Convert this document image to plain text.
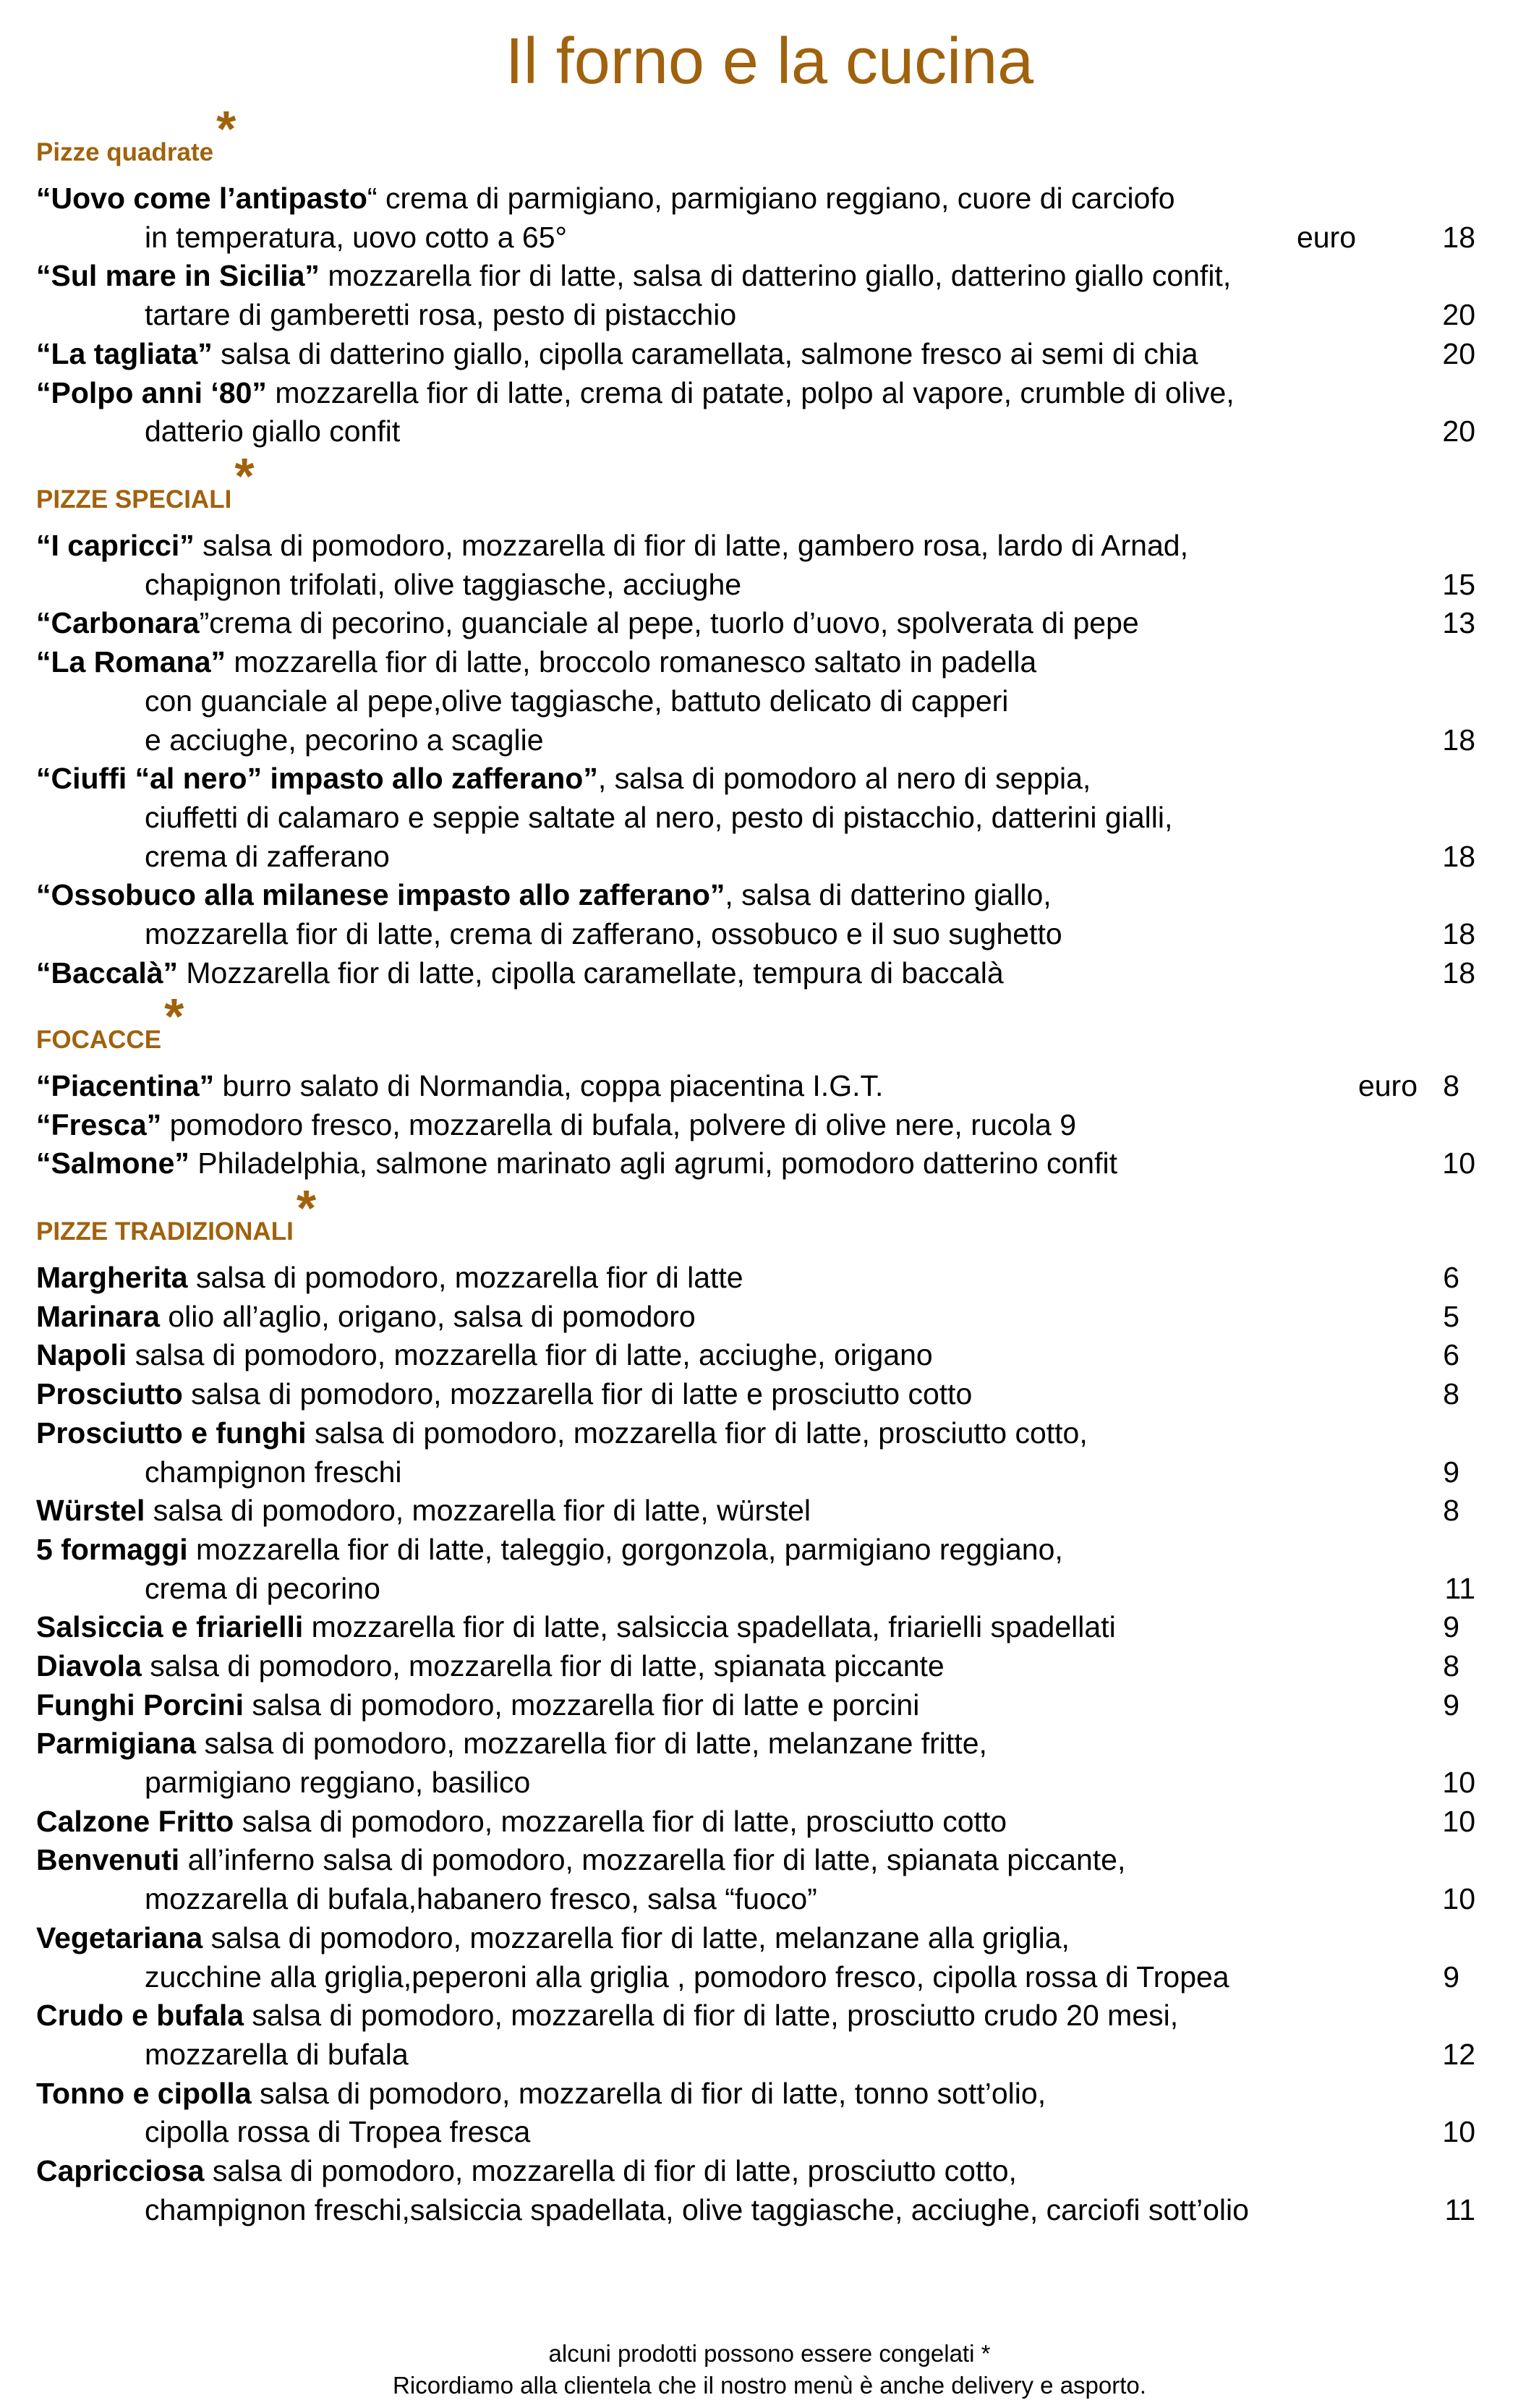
Il forno e la cucina
Pizze quadrate*
“Uovo come l’antipasto“ crema di parmigiano, parmigiano reggiano, cuore di carciofo
in temperatura, uovo cotto a 65°	euro	18
“Sul mare in Sicilia” mozzarella fior di latte, salsa di datterino giallo, datterino giallo confit,
tartare di gamberetti rosa, pesto di pistacchio	20
“La tagliata” salsa di datterino giallo, cipolla caramellata, salmone fresco ai semi di chia	20
“Polpo anni ‘80” mozzarella fior di latte, crema di patate, polpo al vapore, crumble di olive,
datterio giallo confit	20
PIZZE SPECIALI*
“I capricci” salsa di pomodoro, mozzarella di fior di latte, gambero rosa, lardo di Arnad,
chapignon trifolati, olive taggiasche, acciughe	15
“Carbonara”crema di pecorino, guanciale al pepe, tuorlo d’uovo, spolverata di pepe	13
“La Romana” mozzarella fior di latte, broccolo romanesco saltato in padella
con guanciale al pepe,olive taggiasche, battuto delicato di capperi
e acciughe, pecorino a scaglie	18
“Ciuffi “al nero” impasto allo zafferano”, salsa di pomodoro al nero di seppia,
ciuffetti di calamaro e seppie saltate al nero, pesto di pistacchio, datterini gialli,
crema di zafferano	18
“Ossobuco alla milanese impasto allo zafferano”, salsa di datterino giallo,
mozzarella fior di latte, crema di zafferano, ossobuco e il suo sughetto	18
“Baccalà” Mozzarella fior di latte, cipolla caramellate, tempura di baccalà	18
FOCACCE*
“Piacentina” burro salato di Normandia, coppa piacentina I.G.T.	euro 8
“Fresca” pomodoro fresco, mozzarella di bufala, polvere di olive nere, rucola 9
“Salmone” Philadelphia, salmone marinato agli agrumi, pomodoro datterino confit	10
PIZZE TRADIZIONALI*
Margherita salsa di pomodoro, mozzarella fior di latte	6
Marinara olio all’aglio, origano, salsa di pomodoro	5
Napoli salsa di pomodoro, mozzarella fior di latte, acciughe, origano	6
Prosciutto salsa di pomodoro, mozzarella fior di latte e prosciutto cotto	8
Prosciutto e funghi salsa di pomodoro, mozzarella fior di latte, prosciutto cotto,
champignon freschi	9
Würstel salsa di pomodoro, mozzarella fior di latte, würstel	8
5 formaggi mozzarella fior di latte, taleggio, gorgonzola, parmigiano reggiano,
crema di pecorino	11
Salsiccia e friarielli mozzarella fior di latte, salsiccia spadellata, friarielli spadellati	9
Diavola salsa di pomodoro, mozzarella fior di latte, spianata piccante	8
Funghi Porcini salsa di pomodoro, mozzarella fior di latte e porcini	9
Parmigiana salsa di pomodoro, mozzarella fior di latte, melanzane fritte,
parmigiano reggiano, basilico	10
Calzone Fritto salsa di pomodoro, mozzarella fior di latte, prosciutto cotto	10
Benvenuti all’inferno salsa di pomodoro, mozzarella fior di latte, spianata piccante,
mozzarella di bufala,habanero fresco, salsa “fuoco”	10
Vegetariana salsa di pomodoro, mozzarella fior di latte, melanzane alla griglia,
zucchine alla griglia,peperoni alla griglia , pomodoro fresco, cipolla rossa di Tropea	9
Crudo e bufala salsa di pomodoro, mozzarella di fior di latte, prosciutto crudo 20 mesi,
mozzarella di bufala	12
Tonno e cipolla salsa di pomodoro, mozzarella di fior di latte, tonno sott’olio,
cipolla rossa di Tropea fresca	10
Capricciosa salsa di pomodoro, mozzarella di fior di latte, prosciutto cotto,
champignon freschi,salsiccia spadellata, olive taggiasche, acciughe, carciofi sott’olio	11
alcuni prodotti possono essere congelati *
Ricordiamo alla clientela che il nostro menù è anche delivery e asporto.
